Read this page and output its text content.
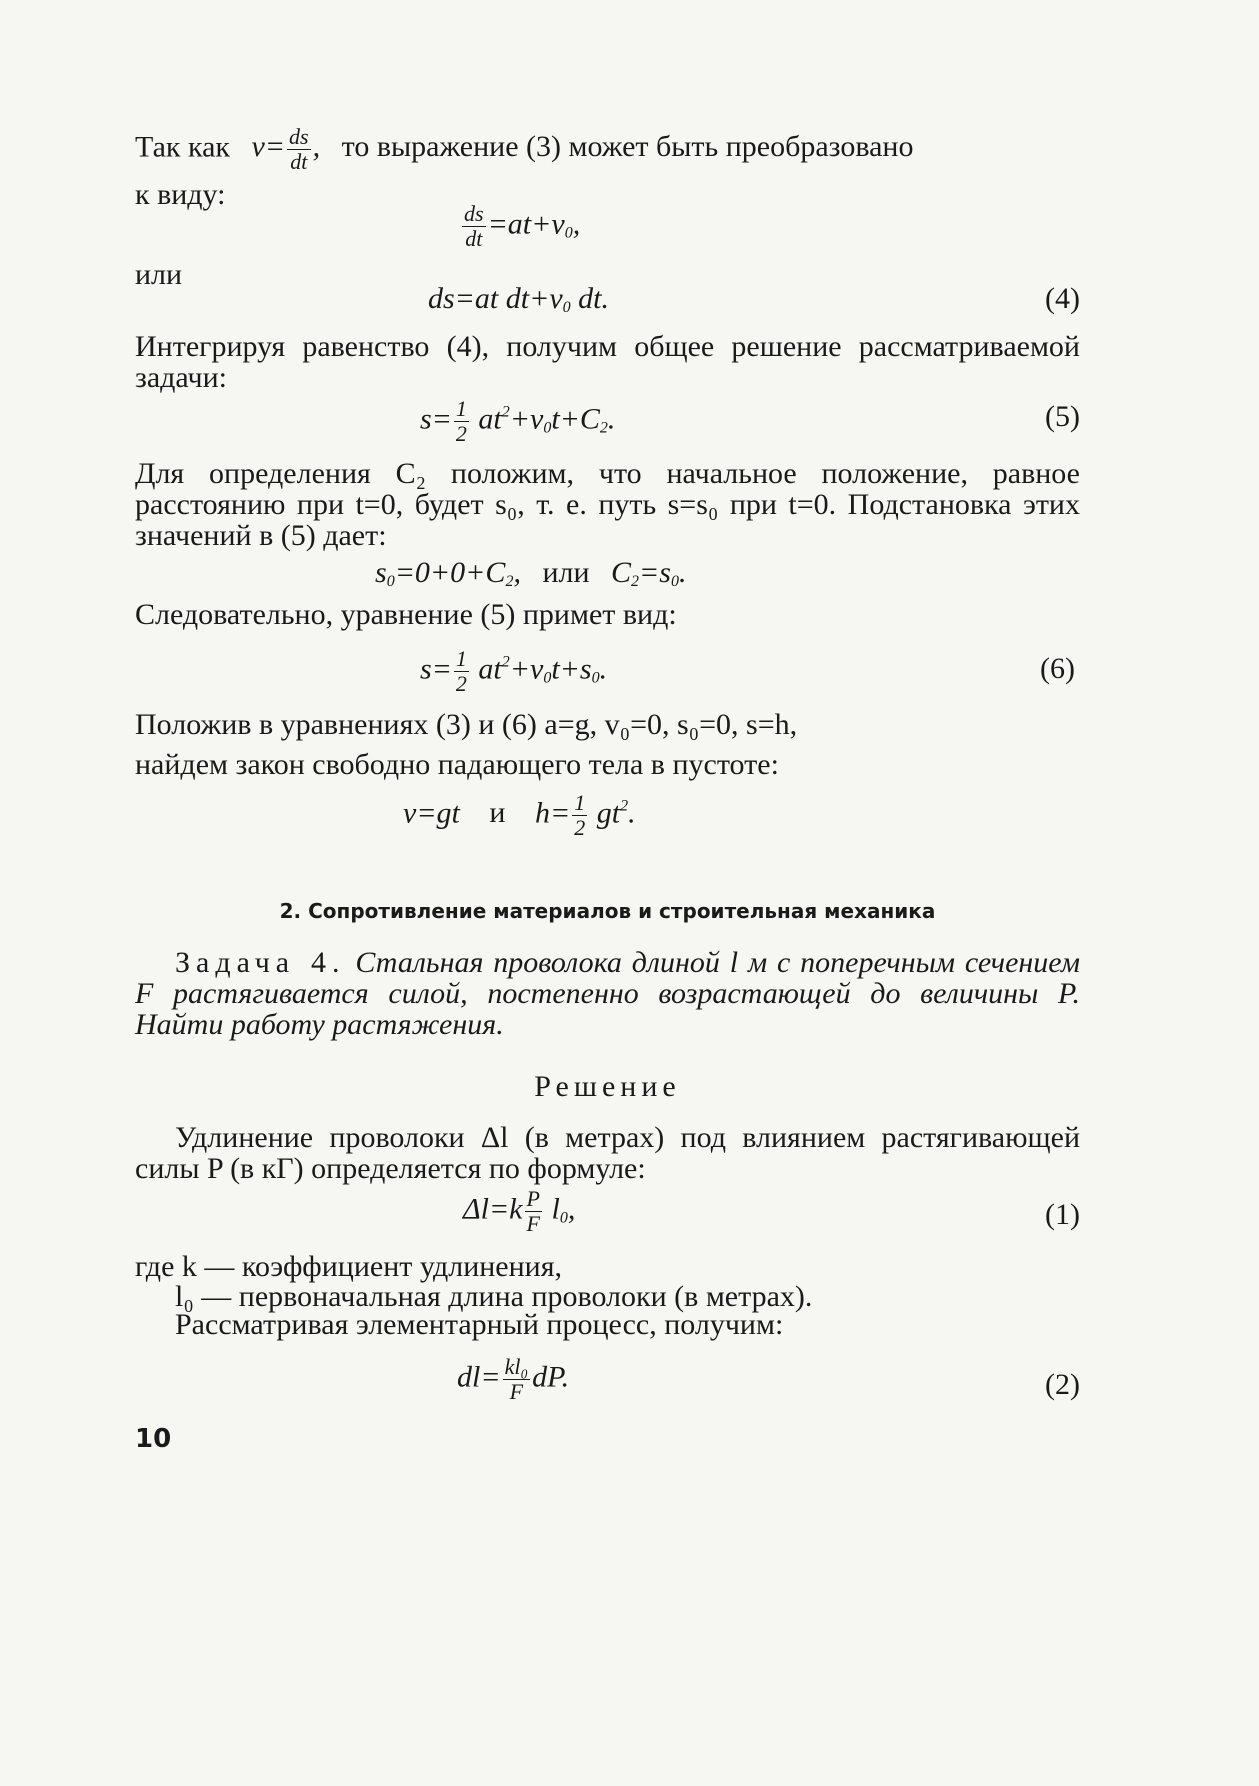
Так как $v= \frac{ds}{dt}$ , то выражение (3) может быть преобразовано
к виду:
$\frac{ds}{dt} =at+v_0$,
или
ds=at $dt+v_0$ dt.	(4)
Интегрируя равенство (4), получим общее решение рассматриваемой задачи:
$s= \frac{1}{2} at^2+v_0t+C_2$.	(5)
Для определения C₂ положим, что начальное положение, равное расстоянию при t=0, будет s₀, т. е. путь s=s₀ при t=0. Подстановка этих значений в (5) дает:
$s_0=0+0+C_2$, или $C_2=s_0$.
Следовательно, уравнение (5) примет вид:
$s= \frac{1}{2} at^2+v_0t+s_0$.	(6)
Положив в уравнениях (3) и (6) a=g, v₀=0, s₀=0, s=h,
найдем закон свободно падающего тела в пустоте:
v=gt и $h= \frac{1}{2} gt^2$.
2. Сопротивление материалов и строительная механика
Задача 4. Стальная проволока длиной l м с поперечным сечением F растягивается силой, постепенно возрастающей до величины P. Найти работу растяжения.
Решение
Удлинение проволоки Δl (в метрах) под влиянием растягивающей силы P (в кГ) определяется по формуле:
$\Delta l=k \frac{P}{F} l_0$,	(1)
где k — коэффициент удлинения,
l₀ — первоначальная длина проволоки (в метрах).
Рассматривая элементарный процесс, получим:
$dl= \frac{\text{kl₀}}{F}$ dP.	(2)
10
